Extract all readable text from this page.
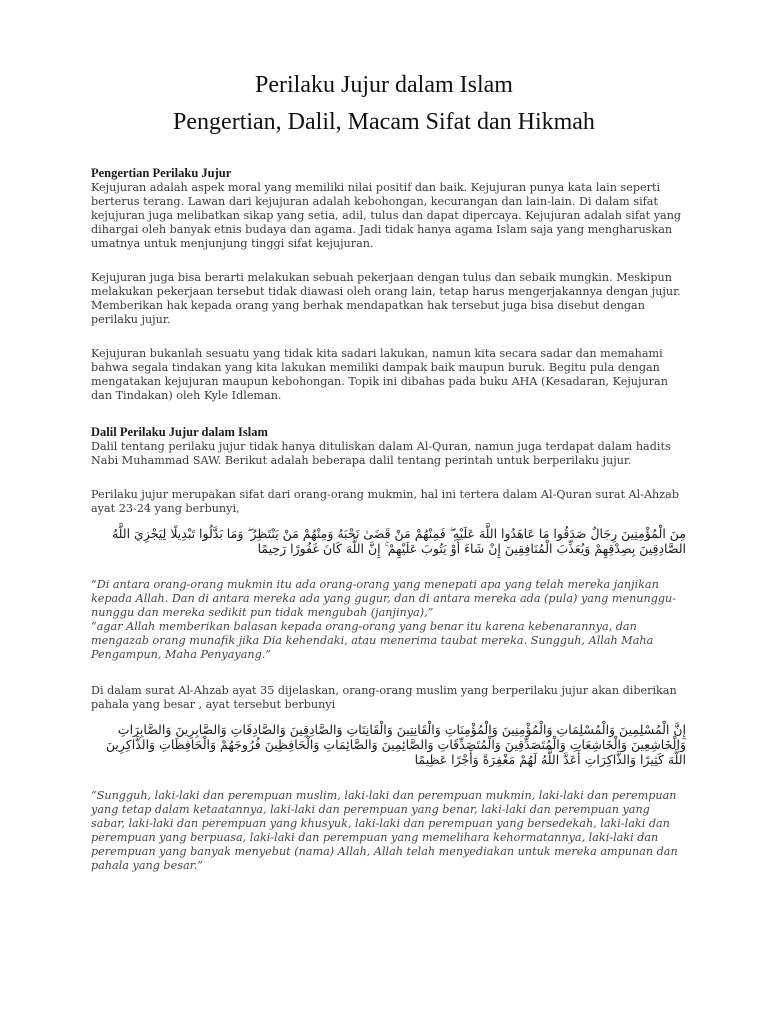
Perilaku Jujur dalam Islam
Pengertian, Dalil, Macam Sifat dan Hikmah
Pengertian Perilaku Jujur

Kejujuran adalah aspek moral yang memiliki nilai positif dan baik. Kejujuran punya kata lain seperti berterus terang. Lawan dari kejujuran adalah kebohongan, kecurangan dan lain-lain. Di dalam sifat kejujuran juga melibatkan sikap yang setia, adil, tulus dan dapat dipercaya. Kejujuran adalah sifat yang dihargai oleh banyak etnis budaya dan agama. Jadi tidak hanya agama Islam saja yang mengharuskan umatnya untuk menjunjung tinggi sifat kejujuran.

Kejujuran juga bisa berarti melakukan sebuah pekerjaan dengan tulus dan sebaik mungkin. Meskipun melakukan pekerjaan tersebut tidak diawasi oleh orang lain, tetap harus mengerjakannya dengan jujur. Memberikan hak kepada orang yang berhak mendapatkan hak tersebut juga bisa disebut dengan perilaku jujur.

Kejujuran bukanlah sesuatu yang tidak kita sadari lakukan, namun kita secara sadar dan memahami bahwa segala tindakan yang kita lakukan memiliki dampak baik maupun buruk. Begitu pula dengan mengatakan kejujuran maupun kebohongan. Topik ini dibahas pada buku AHA (Kesadaran, Kejujuran dan Tindakan) oleh Kyle Idleman.

Dalil Perilaku Jujur dalam Islam

Dalil tentang perilaku jujur tidak hanya dituliskan dalam Al-Quran, namun juga terdapat dalam hadits Nabi Muhammad SAW. Berikut adalah beberapa dalil tentang perintah untuk berperilaku jujur.

Perilaku jujur merupakan sifat dari orang-orang mukmin, hal ini tertera dalam Al-Quran surat Al-Ahzab ayat 23-24 yang berbunyi,

مِنَ الْمُؤْمِنِينَ رِجَالٌ صَدَقُوا مَا عَاهَدُوا اللَّهَ عَلَيْهِ ۖ فَمِنْهُمْ مَنْ قَضَىٰ نَحْبَهُ وَمِنْهُمْ مَنْ يَنْتَظِرُ ۖ وَمَا بَدَّلُوا تَبْدِيلًا لِيَجْزِيَ اللَّهُ الصَّادِقِينَ بِصِدْقِهِمْ وَيُعَذِّبَ الْمُنَافِقِينَ إِنْ شَاءَ أَوْ يَتُوبَ عَلَيْهِمْ ۚ إِنَّ اللَّهَ كَانَ غَفُورًا رَحِيمًا
“Di antara orang-orang mukmin itu ada orang-orang yang menepati apa yang telah mereka janjikan kepada Allah. Dan di antara mereka ada yang gugur, dan di antara mereka ada (pula) yang menunggu-nunggu dan mereka sedikit pun tidak mengubah (janjinya),”
“agar Allah memberikan balasan kepada orang-orang yang benar itu karena kebenarannya, dan mengazab orang munafik jika Dia kehendaki, atau menerima taubat mereka. Sungguh, Allah Maha Pengampun, Maha Penyayang.”

Di dalam surat Al-Ahzab ayat 35 dijelaskan, orang-orang muslim yang berperilaku jujur akan diberikan pahala yang besar , ayat tersebut berbunyi

إِنَّ الْمُسْلِمِينَ وَالْمُسْلِمَاتِ وَالْمُؤْمِنِينَ وَالْمُؤْمِنَاتِ وَالْقَانِتِينَ وَالْقَانِتَاتِ وَالصَّادِقِينَ وَالصَّادِقَاتِ وَالصَّابِرِينَ وَالصَّابِرَاتِ وَالْخَاشِعِينَ وَالْخَاشِعَاتِ وَالْمُتَصَدِّقِينَ وَالْمُتَصَدِّقَاتِ وَالصَّائِمِينَ وَالصَّائِمَاتِ وَالْحَافِظِينَ فُرُوجَهُمْ وَالْحَافِظَاتِ وَالذَّاكِرِينَ اللَّهَ كَثِيرًا وَالذَّاكِرَاتِ أَعَدَّ اللَّهُ لَهُمْ مَغْفِرَةً وَأَجْرًا عَظِيمًا
“Sungguh, laki-laki dan perempuan muslim, laki-laki dan perempuan mukmin, laki-laki dan perempuan yang tetap dalam ketaatannya, laki-laki dan perempuan yang benar, laki-laki dan perempuan yang sabar, laki-laki dan perempuan yang khusyuk, laki-laki dan perempuan yang bersedekah, laki-laki dan perempuan yang berpuasa, laki-laki dan perempuan yang memelihara kehormatannya, laki-laki dan perempuan yang banyak menyebut (nama) Allah, Allah telah menyediakan untuk mereka ampunan dan pahala yang besar.”
